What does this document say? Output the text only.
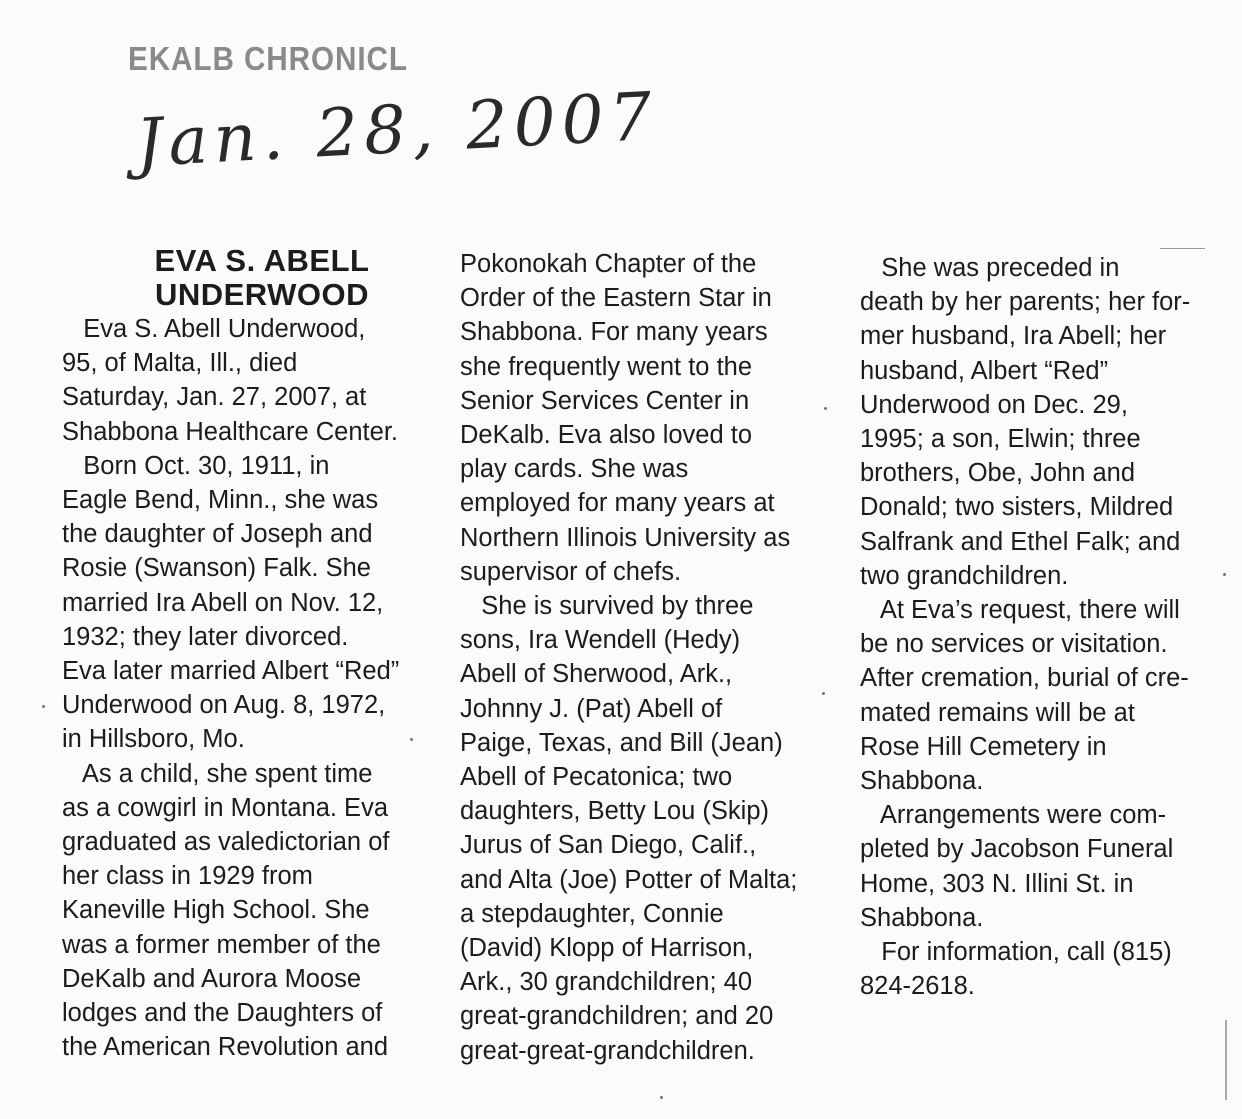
EKALB CHRONICL
Jan. 28, 2007
EVA S. ABELL
UNDERWOOD
Eva S. Abell Underwood,
95, of Malta, Ill., died
Saturday, Jan. 27, 2007, at
Shabbona Healthcare Center.
Born Oct. 30, 1911, in
Eagle Bend, Minn., she was
the daughter of Joseph and
Rosie (Swanson) Falk. She
married Ira Abell on Nov. 12,
1932; they later divorced.
Eva later married Albert “Red”
Underwood on Aug. 8, 1972,
in Hillsboro, Mo.
As a child, she spent time
as a cowgirl in Montana. Eva
graduated as valedictorian of
her class in 1929 from
Kaneville High School. She
was a former member of the
DeKalb and Aurora Moose
lodges and the Daughters of
the American Revolution and
Pokonokah Chapter of the
Order of the Eastern Star in
Shabbona. For many years
she frequently went to the
Senior Services Center in
DeKalb. Eva also loved to
play cards. She was
employed for many years at
Northern Illinois University as
supervisor of chefs.
She is survived by three
sons, Ira Wendell (Hedy)
Abell of Sherwood, Ark.,
Johnny J. (Pat) Abell of
Paige, Texas, and Bill (Jean)
Abell of Pecatonica; two
daughters, Betty Lou (Skip)
Jurus of San Diego, Calif.,
and Alta (Joe) Potter of Malta;
a stepdaughter, Connie
(David) Klopp of Harrison,
Ark., 30 grandchildren; 40
great-grandchildren; and 20
great-great-grandchildren.
She was preceded in
death by her parents; her for-
mer husband, Ira Abell; her
husband, Albert “Red”
Underwood on Dec. 29,
1995; a son, Elwin; three
brothers, Obe, John and
Donald; two sisters, Mildred
Salfrank and Ethel Falk; and
two grandchildren.
At Eva’s request, there will
be no services or visitation.
After cremation, burial of cre-
mated remains will be at
Rose Hill Cemetery in
Shabbona.
Arrangements were com-
pleted by Jacobson Funeral
Home, 303 N. Illini St. in
Shabbona.
For information, call (815)
824-2618.
